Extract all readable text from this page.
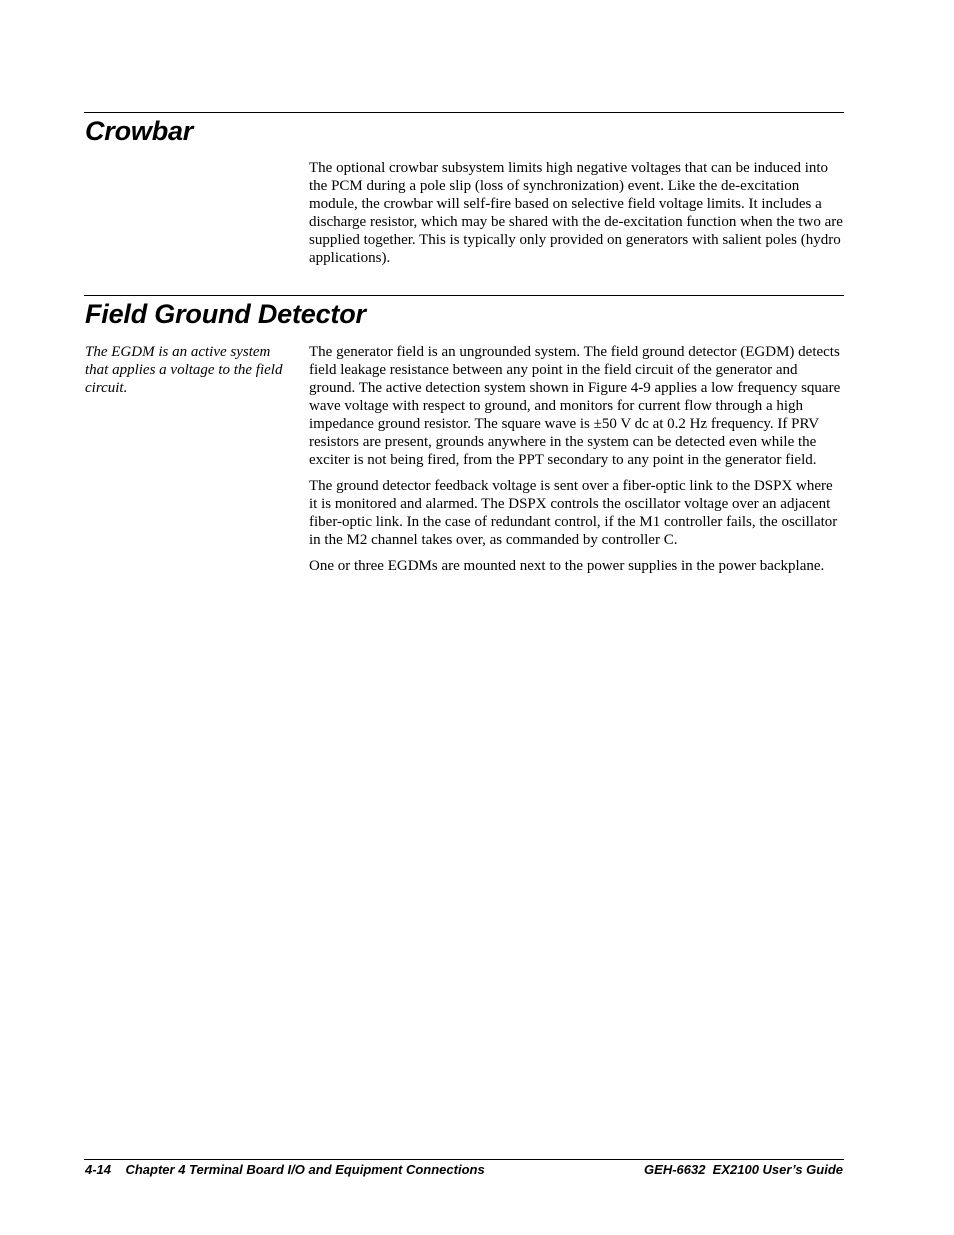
Crowbar

The optional crowbar subsystem limits high negative voltages that can be induced into the PCM during a pole slip (loss of synchronization) event. Like the de-excitation module, the crowbar will self-fire based on selective field voltage limits. It includes a discharge resistor, which may be shared with the de-excitation function when the two are supplied together. This is typically only provided on generators with salient poles (hydro applications).

Field Ground Detector
The EGDM is an active system that applies a voltage to the field circuit.

The generator field is an ungrounded system. The field ground detector (EGDM) detects field leakage resistance between any point in the field circuit of the generator and ground. The active detection system shown in Figure 4-9 applies a low frequency square wave voltage with respect to ground, and monitors for current flow through a high impedance ground resistor. The square wave is ±50 V dc at 0.2 Hz frequency. If PRV resistors are present, grounds anywhere in the system can be detected even while the exciter is not being fired, from the PPT secondary to any point in the generator field.

The ground detector feedback voltage is sent over a fiber-optic link to the DSPX where it is monitored and alarmed. The DSPX controls the oscillator voltage over an adjacent fiber-optic link. In the case of redundant control, if the M1 controller fails, the oscillator in the M2 channel takes over, as commanded by controller C.

One or three EGDMs are mounted next to the power supplies in the power backplane.

4-14    Chapter 4 Terminal Board I/O and Equipment Connections	GEH-6632  EX2100 User’s Guide
